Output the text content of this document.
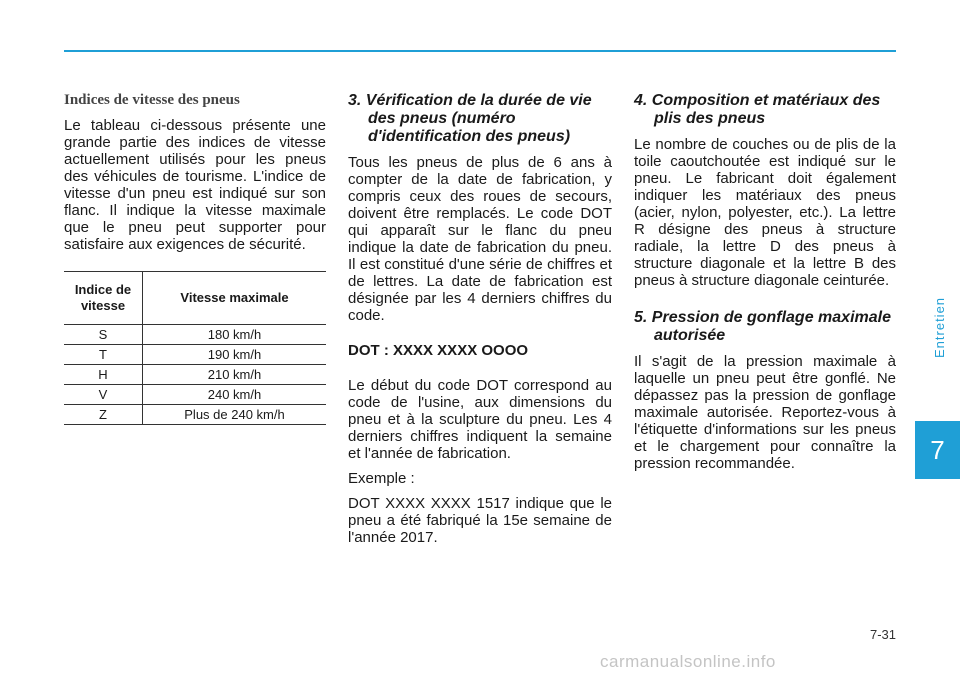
Indices de vitesse des pneus

Le tableau ci-dessous présente une grande partie des indices de vitesse actuellement utilisés pour les pneus des véhicules de tourisme. L'indice de vitesse d'un pneu est indiqué sur son flanc. Il indique la vitesse maximale que le pneu peut supporter pour satisfaire aux exigences de sécurité.

Indice de vitesse	Vitesse maximale
S	180 km/h
T	190 km/h
H	210 km/h
V	240 km/h
Z	Plus de 240 km/h
3. Vérification de la durée de vie des pneus (numéro d'identification des pneus)

Tous les pneus de plus de 6 ans à compter de la date de fabrication, y compris ceux des roues de secours, doivent être remplacés. Le code DOT qui apparaît sur le flanc du pneu indique la date de fabrication du pneu. Il est constitué d'une série de chiffres et de lettres. La date de fabrication est désignée par les 4 derniers chiffres du code.

DOT : XXXX XXXX OOOO

Le début du code DOT correspond au code de l'usine, aux dimensions du pneu et à la sculpture du pneu. Les 4 derniers chiffres indiquent la semaine et l'année de fabrication.

Exemple :

DOT XXXX XXXX 1517 indique que le pneu a été fabriqué la 15e semaine de l'année 2017.

4. Composition et matériaux des plis des pneus

Le nombre de couches ou de plis de la toile caoutchoutée est indiqué sur le pneu. Le fabricant doit également indiquer les matériaux des pneus (acier, nylon, polyester, etc.). La lettre R désigne des pneus à structure radiale, la lettre D des pneus à structure diagonale et la lettre B des pneus à structure diagonale ceinturée.

5. Pression de gonflage maximale autorisée

Il s'agit de la pression maximale à laquelle un pneu peut être gonflé. Ne dépassez pas la pression de gonflage maximale autorisée. Reportez-vous à l'étiquette d'informations sur les pneus et le chargement pour connaître la pression recommandée.

Entretien
7
7-31
carmanualsonline.info
